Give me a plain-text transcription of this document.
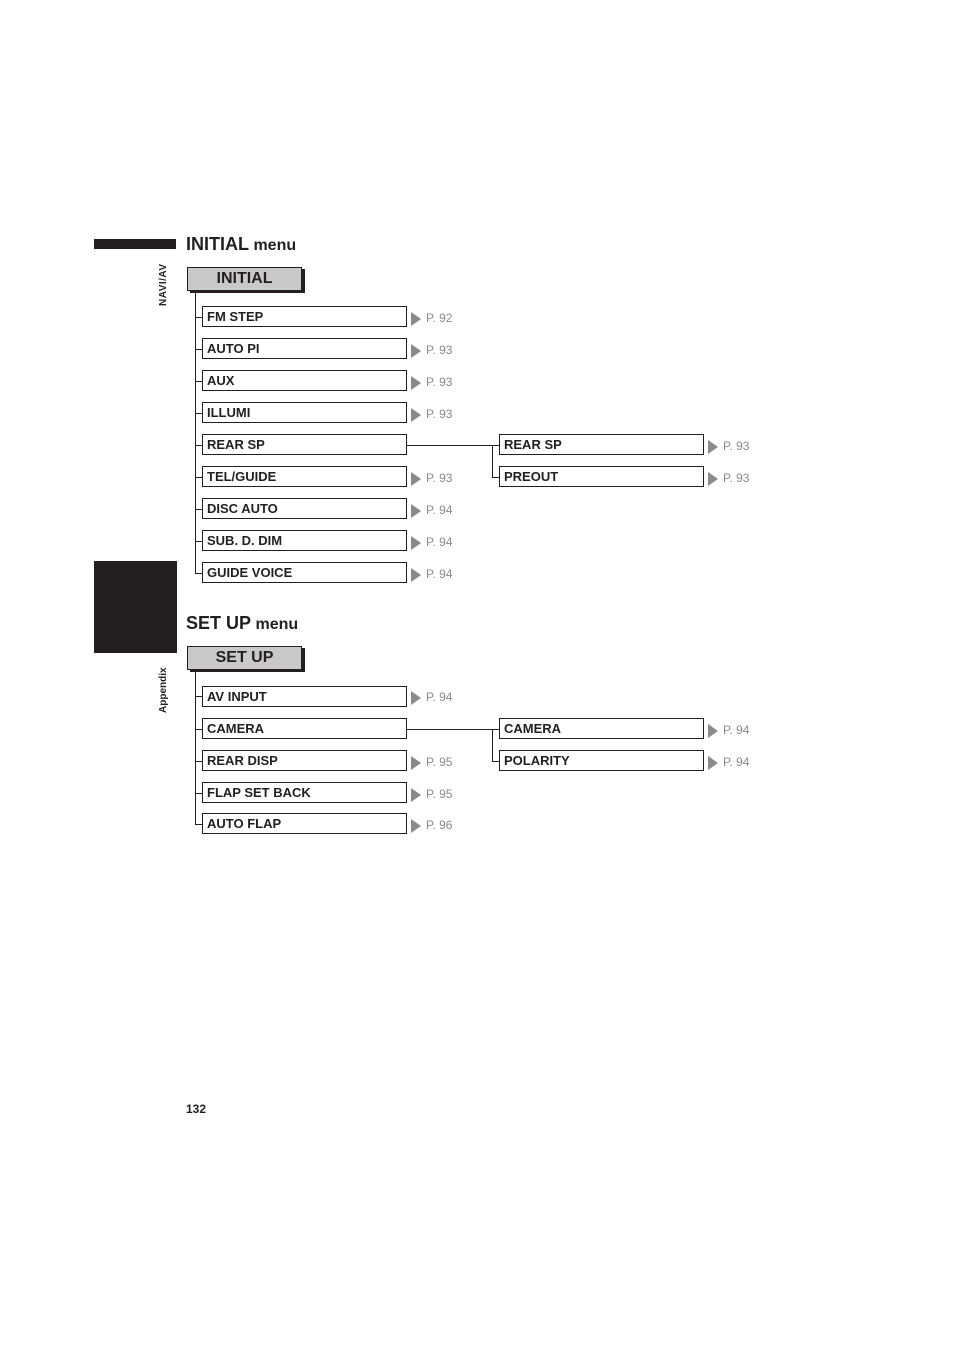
NAVI/AV
Appendix
INITIAL menu
INITIAL
FM STEP
AUTO PI
AUX
ILLUMI
REAR SP
TEL/GUIDE
DISC AUTO
SUB. D. DIM
GUIDE VOICE
P. 92
P. 93
P. 93
P. 93
P. 93
P. 94
P. 94
P. 94
REAR SP
PREOUT
P. 93
P. 93
SET UP menu
SET UP
AV INPUT
CAMERA
REAR DISP
FLAP SET BACK
AUTO FLAP
P. 94
P. 95
P. 95
P. 96
CAMERA
POLARITY
P. 94
P. 94
132
